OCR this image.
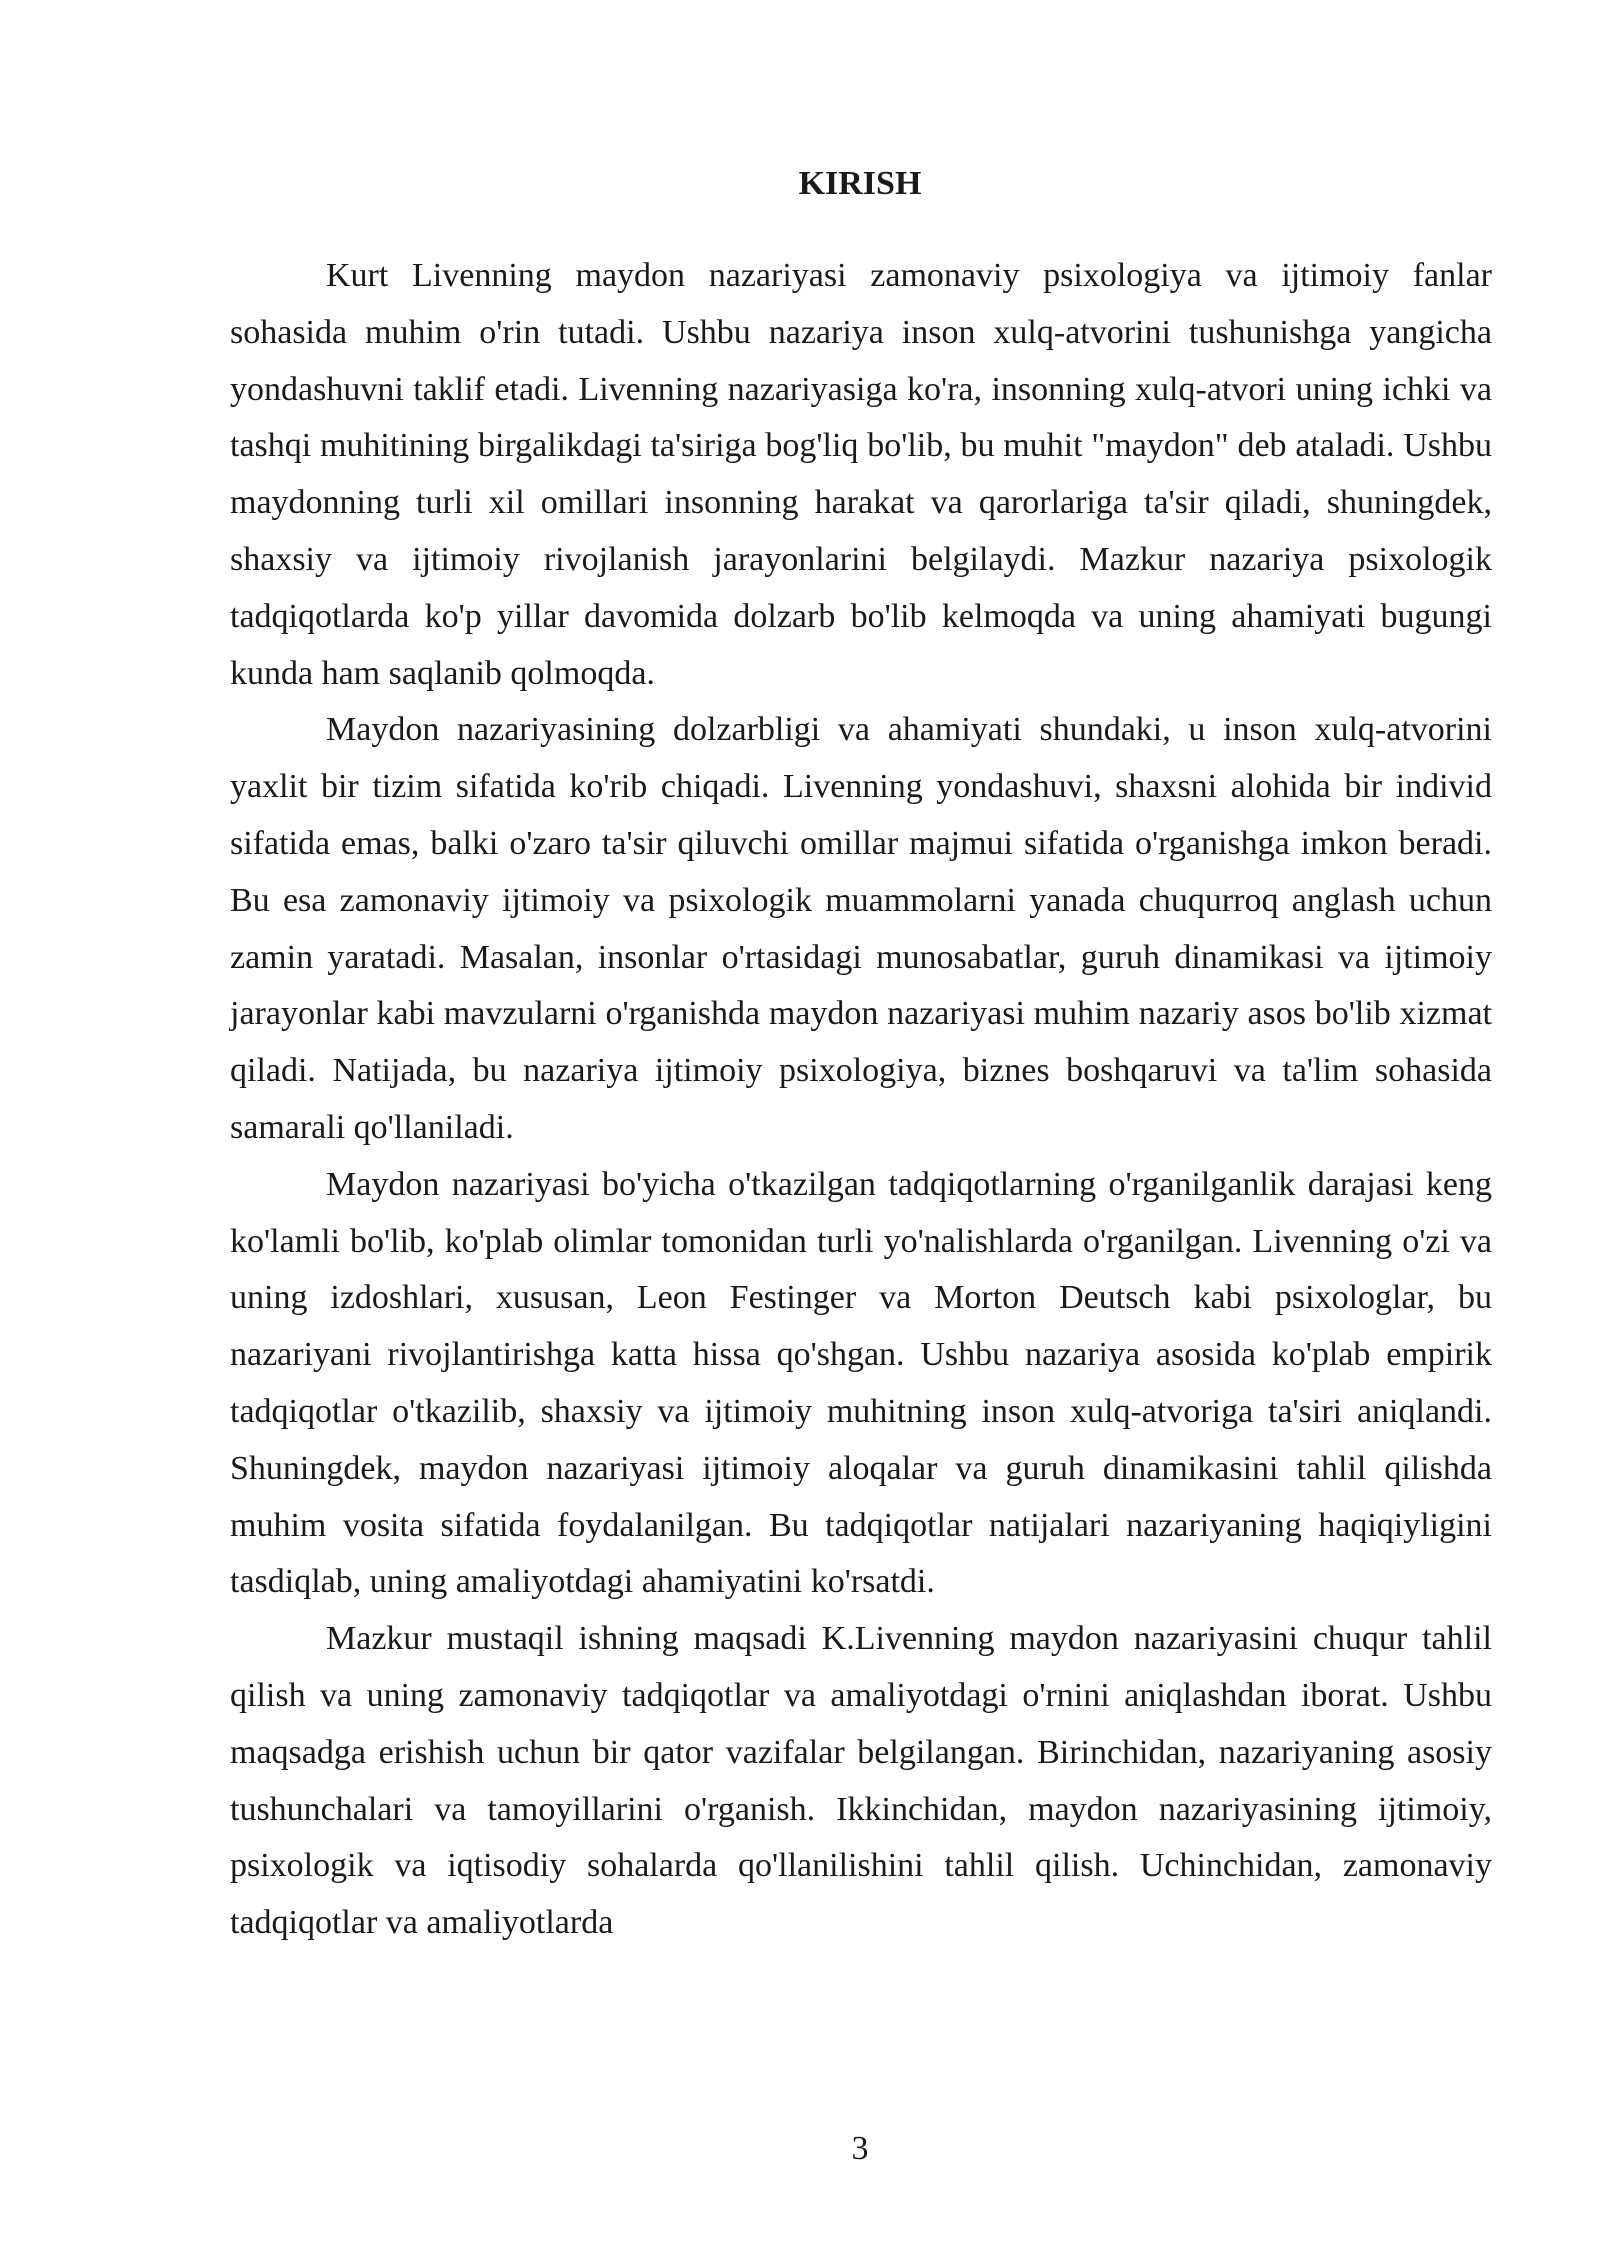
KIRISH

Kurt Livenning maydon nazariyasi zamonaviy psixologiya va ijtimoiy fanlar sohasida muhim o'rin tutadi. Ushbu nazariya inson xulq-atvorini tushunishga yangicha yondashuvni taklif etadi. Livenning nazariyasiga ko'ra, insonning xulq-atvori uning ichki va tashqi muhitining birgalikdagi ta'siriga bog'liq bo'lib, bu muhit "maydon" deb ataladi. Ushbu maydonning turli xil omillari insonning harakat va qarorlariga ta'sir qiladi, shuningdek, shaxsiy va ijtimoiy rivojlanish jarayonlarini belgilaydi. Mazkur nazariya psixologik tadqiqotlarda ko'p yillar davomida dolzarb bo'lib kelmoqda va uning ahamiyati bugungi kunda ham saqlanib qolmoqda.

Maydon nazariyasining dolzarbligi va ahamiyati shundaki, u inson xulq-atvorini yaxlit bir tizim sifatida ko'rib chiqadi. Livenning yondashuvi, shaxsni alohida bir individ sifatida emas, balki o'zaro ta'sir qiluvchi omillar majmui sifatida o'rganishga imkon beradi. Bu esa zamonaviy ijtimoiy va psixologik muammolarni yanada chuqurroq anglash uchun zamin yaratadi. Masalan, insonlar o'rtasidagi munosabatlar, guruh dinamikasi va ijtimoiy jarayonlar kabi mavzularni o'rganishda maydon nazariyasi muhim nazariy asos bo'lib xizmat qiladi. Natijada, bu nazariya ijtimoiy psixologiya, biznes boshqaruvi va ta'lim sohasida samarali qo'llaniladi.

Maydon nazariyasi bo'yicha o'tkazilgan tadqiqotlarning o'rganilganlik darajasi keng ko'lamli bo'lib, ko'plab olimlar tomonidan turli yo'nalishlarda o'rganilgan. Livenning o'zi va uning izdoshlari, xususan, Leon Festinger va Morton Deutsch kabi psixologlar, bu nazariyani rivojlantirishga katta hissa qo'shgan. Ushbu nazariya asosida ko'plab empirik tadqiqotlar o'tkazilib, shaxsiy va ijtimoiy muhitning inson xulq-atvoriga ta'siri aniqlandi. Shuningdek, maydon nazariyasi ijtimoiy aloqalar va guruh dinamikasini tahlil qilishda muhim vosita sifatida foydalanilgan. Bu tadqiqotlar natijalari nazariyaning haqiqiyligini tasdiqlab, uning amaliyotdagi ahamiyatini ko'rsatdi.

Mazkur mustaqil ishning maqsadi K.Livenning maydon nazariyasini chuqur tahlil qilish va uning zamonaviy tadqiqotlar va amaliyotdagi o'rnini aniqlashdan iborat. Ushbu maqsadga erishish uchun bir qator vazifalar belgilangan. Birinchidan, nazariyaning asosiy tushunchalari va tamoyillarini o'rganish. Ikkinchidan, maydon nazariyasining ijtimoiy, psixologik va iqtisodiy sohalarda qo'llanilishini tahlil qilish. Uchinchidan, zamonaviy tadqiqotlar va amaliyotlarda

3
